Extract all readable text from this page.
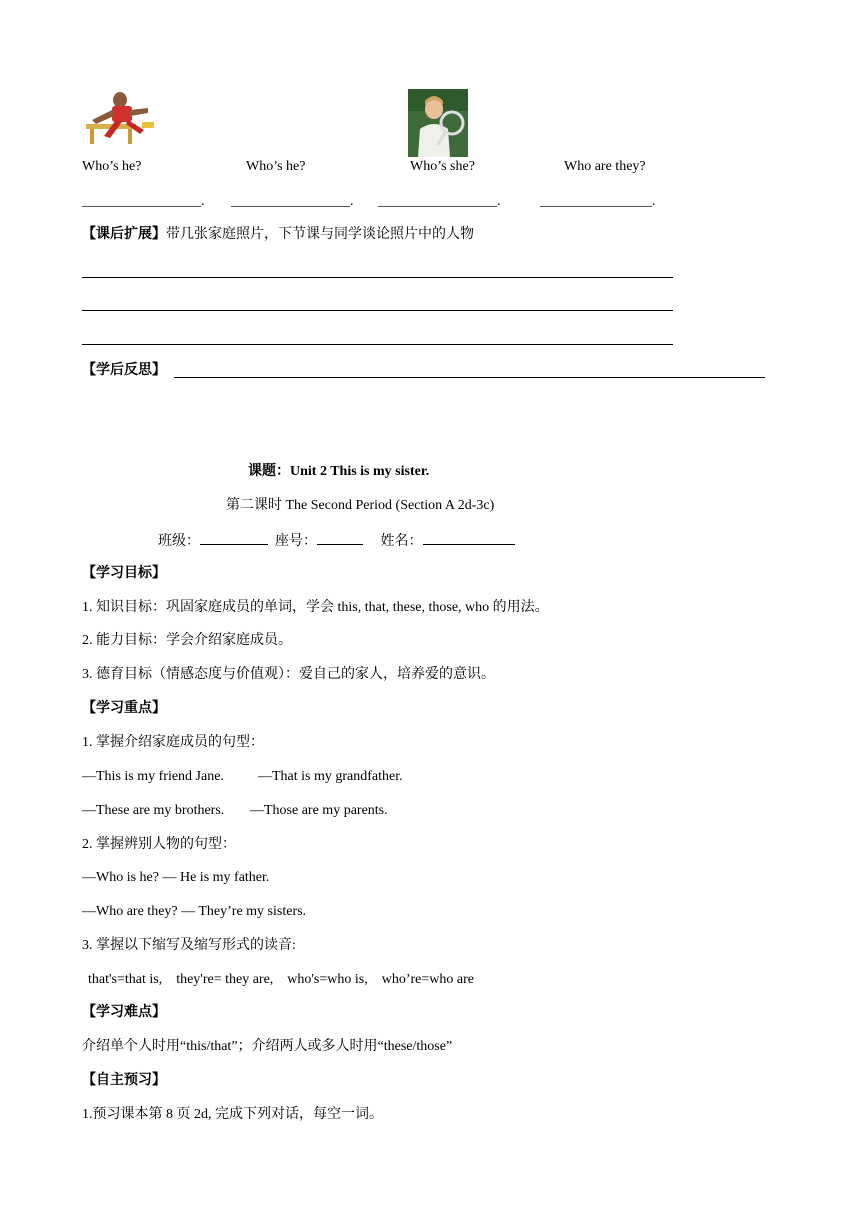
Who’s he?	Who’s he?	Who’s she?	Who are they?
_________________. _________________. _________________.	________________.
【课后扩展】带几张家庭照片，下节课与同学谈论照片中的人物
【学后反思】
课题：Unit 2 This is my sister.
第二课时 The Second Period (Section A 2d-3c)
班级：	座号：	姓名：
【学习目标】
1. 知识目标：巩固家庭成员的单词，学会 this, that, these, those, who 的用法。
2. 能力目标：学会介绍家庭成员。
3. 德育目标（情感态度与价值观）：爱自己的家人，培养爱的意识。
【学习重点】
1. 掌握介绍家庭成员的句型：
—This is my friend Jane. —That is my grandfather.
—These are my brothers. —Those are my parents.
2. 掌握辨别人物的句型：
—Who is he? — He is my father.
—Who are they? — They’re my sisters.
3. 掌握以下缩写及缩写形式的读音:
that's=that is,    they're= they are,    who's=who is,    who’re=who are
【学习难点】
介绍单个人时用“this/that”；介绍两人或多人时用“these/those”
【自主预习】
1.预习课本第 8 页 2d, 完成下列对话，每空一词。
